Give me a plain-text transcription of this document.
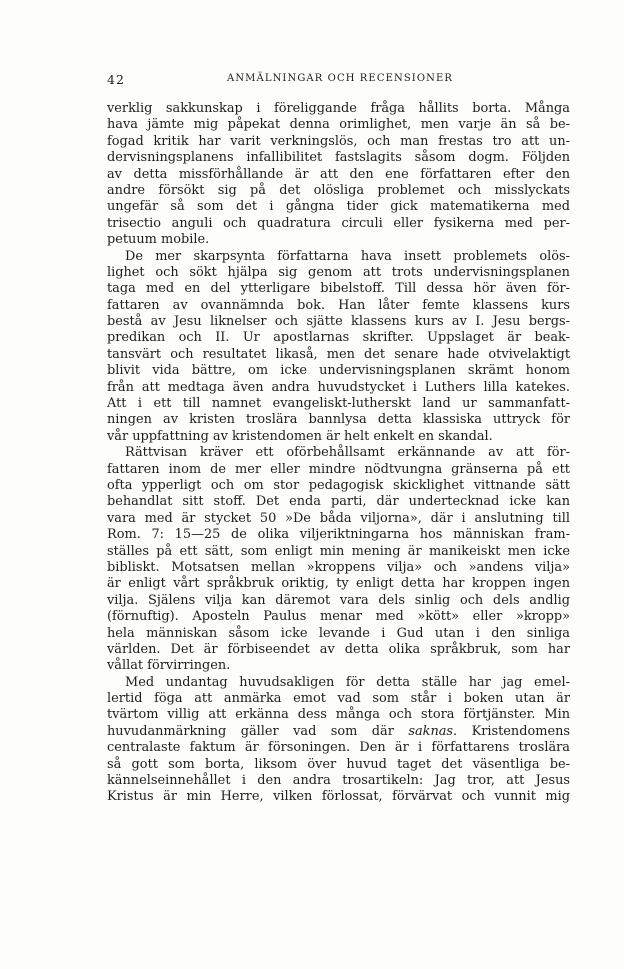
42	ANMÄLNINGAR OCH RECENSIONER
verklig sakkunskap i föreliggande fråga hållits borta. Många
hava jämte mig påpekat denna orimlighet, men varje än så be-
fogad kritik har varit verkningslös, och man frestas tro att un-
dervisningsplanens infallibilitet fastslagits såsom dogm. Följden
av detta missförhållande är att den ene författaren efter den
andre försökt sig på det olösliga problemet och misslyckats
ungefär så som det i gångna tider gick matematikerna med
trisectio anguli och quadratura circuli eller fysikerna med per-
petuum mobile.
De mer skarpsynta författarna hava insett problemets olös-
lighet och sökt hjälpa sig genom att trots undervisningsplanen
taga med en del ytterligare bibelstoff. Till dessa hör även för-
fattaren av ovannämnda bok. Han låter femte klassens kurs
bestå av Jesu liknelser och sjätte klassens kurs av I. Jesu bergs-
predikan och II. Ur apostlarnas skrifter. Uppslaget är beak-
tansvärt och resultatet likaså, men det senare hade otvivelaktigt
blivit vida bättre, om icke undervisningsplanen skrämt honom
från att medtaga även andra huvudstycket i Luthers lilla katekes.
Att i ett till namnet evangeliskt-lutherskt land ur sammanfatt-
ningen av kristen troslära bannlysa detta klassiska uttryck för
vår uppfattning av kristendomen är helt enkelt en skandal.
Rättvisan kräver ett oförbehållsamt erkännande av att för-
fattaren inom de mer eller mindre nödtvungna gränserna på ett
ofta ypperligt och om stor pedagogisk skicklighet vittnande sätt
behandlat sitt stoff. Det enda parti, där undertecknad icke kan
vara med är stycket 50 »De båda viljorna», där i anslutning till
Rom. 7: 15—25 de olika viljeriktningarna hos människan fram-
ställes på ett sätt, som enligt min mening är manikeiskt men icke
bibliskt. Motsatsen mellan »kroppens vilja» och »andens vilja»
är enligt vårt språkbruk oriktig, ty enligt detta har kroppen ingen
vilja. Själens vilja kan däremot vara dels sinlig och dels andlig
(förnuftig). Aposteln Paulus menar med »kött» eller »kropp»
hela människan såsom icke levande i Gud utan i den sinliga
världen. Det är förbiseendet av detta olika språkbruk, som har
vållat förvirringen.
Med undantag huvudsakligen för detta ställe har jag emel-
lertid föga att anmärka emot vad som står i boken utan är
tvärtom villig att erkänna dess många och stora förtjänster. Min
huvudanmärkning gäller vad som där saknas. Kristendomens
centralaste faktum är försoningen. Den är i författarens troslära
så gott som borta, liksom över huvud taget det väsentliga be-
kännelseinnehållet i den andra trosartikeln: Jag tror, att Jesus
Kristus är min Herre, vilken förlossat, förvärvat och vunnit mig
